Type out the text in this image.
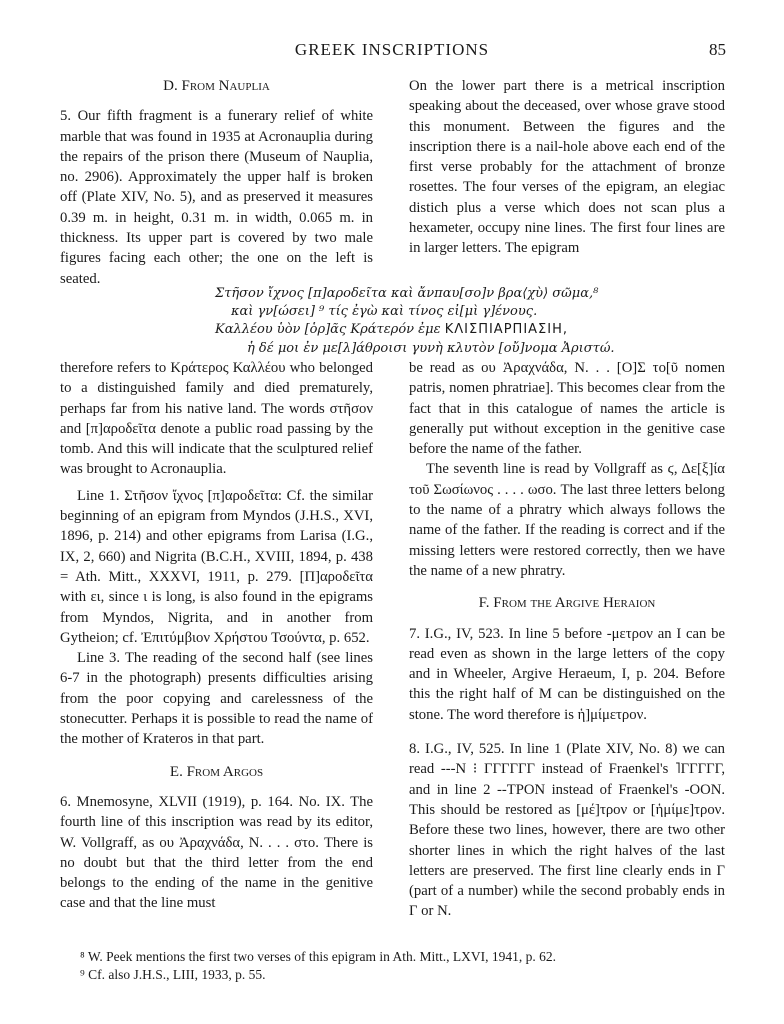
GREEK INSCRIPTIONS	85

D. From Nauplia

5. Our fifth fragment is a funerary relief of white marble that was found in 1935 at Acronauplia during the repairs of the prison there (Museum of Nauplia, no. 2906). Approximately the upper half is broken off (Plate XIV, No. 5), and as preserved it measures 0.39 m. in height, 0.31 m. in width, 0.065 m. in thickness. Its upper part is covered by two male figures facing each other; the one on the left is seated.

On the lower part there is a metrical inscription speaking about the deceased, over whose grave stood this monument. Between the figures and the inscription there is a nail-hole above each end of the first verse probably for the attachment of bronze rosettes. The four verses of the epigram, an elegiac distich plus a verse which does not scan plus a hexameter, occupy nine lines. The first four lines are in larger letters. The epigram

Στῆσον ἴχνος [π]αροδεῖτα καὶ ἄνπαυ[σο]ν βρα⟨χὺ⟩ σῶμα,⁸
καὶ γν[ώσει] ⁹ τίς ἐγὼ καὶ τίνος εἰ[μὶ γ]ένους.
Καλλέου ὑὸν [ὁρ]ᾶς Κράτερόν ἐμε ΚΛΙΣΠΙΑΡΠΙΑΣΙΗ,
ἡ δέ μοι ἐν με[λ]άθροισι γυνὴ κλυτὸν [οὔ]νομα Ἀριστώ.

therefore refers to Κράτερος Καλλέου who belonged to a distinguished family and died prematurely, perhaps far from his native land. The words στῆσον and [π]αροδεῖτα denote a public road passing by the tomb. And this will indicate that the sculptured relief was brought to Acronauplia.

Line 1. Στῆσον ἴχνος [π]αροδεῖτα: Cf. the similar beginning of an epigram from Myndos (J.H.S., XVI, 1896, p. 214) and other epigrams from Larisa (I.G., IX, 2, 660) and Nigrita (B.C.H., XVIII, 1894, p. 438 = Ath. Mitt., XXXVI, 1911, p. 279. [Π]αροδεῖτα with ει, since ι is long, is also found in the epigrams from Myndos, Nigrita, and in another from Gytheion; cf. Ἐπιτύμβιον Χρήστου Τσούντα, p. 652.

Line 3. The reading of the second half (see lines 6-7 in the photograph) presents difficulties arising from the poor copying and carelessness of the stonecutter. Perhaps it is possible to read the name of the mother of Krateros in that part.

E. From Argos

6. Mnemosyne, XLVII (1919), p. 164. No. IX. The fourth line of this inscription was read by its editor, W. Vollgraff, as ου Ἀραχνάδα, Ν. . . . στο. There is no doubt but that the third letter from the end belongs to the ending of the name in the genitive case and that the line must

be read as ου Ἀραχνάδα, Ν. . . [Ο]Σ το[ῦ nomen patris, nomen phratriae]. This becomes clear from the fact that in this catalogue of names the article is generally put without exception in the genitive case before the name of the father.

The seventh line is read by Vollgraff as ϛ, Δε[ξ]ία τοῦ Σωσίωνος . . . . ωσο. The last three letters belong to the name of a phratry which always follows the name of the father. If the reading is correct and if the missing letters were restored correctly, then we have the name of a new phratry.

F. From the Argive Heraion

7. I.G., IV, 523. In line 5 before -μετρον an I can be read even as shown in the large letters of the copy and in Wheeler, Argive Heraeum, I, p. 204. Before this the right half of M can be distinguished on the stone. The word therefore is ἡ]μίμετρον.

8. I.G., IV, 525. In line 1 (Plate XIV, No. 8) we can read ---Ν ⁝ ΓΓΓΓΓΓ instead of Fraenkel's ˥ΓΓΓΓΓ, and in line 2 --ΤΡΟΝ instead of Fraenkel's -ΟΟΝ. This should be restored as [μέ]τρον or [ἡμίμε]τρον. Before these two lines, however, there are two other shorter lines in which the right halves of the last letters are preserved. The first line clearly ends in Γ (part of a number) while the second probably ends in Γ or Ν.

⁸ W. Peek mentions the first two verses of this epigram in Ath. Mitt., LXVI, 1941, p. 62.

⁹ Cf. also J.H.S., LIII, 1933, p. 55.
